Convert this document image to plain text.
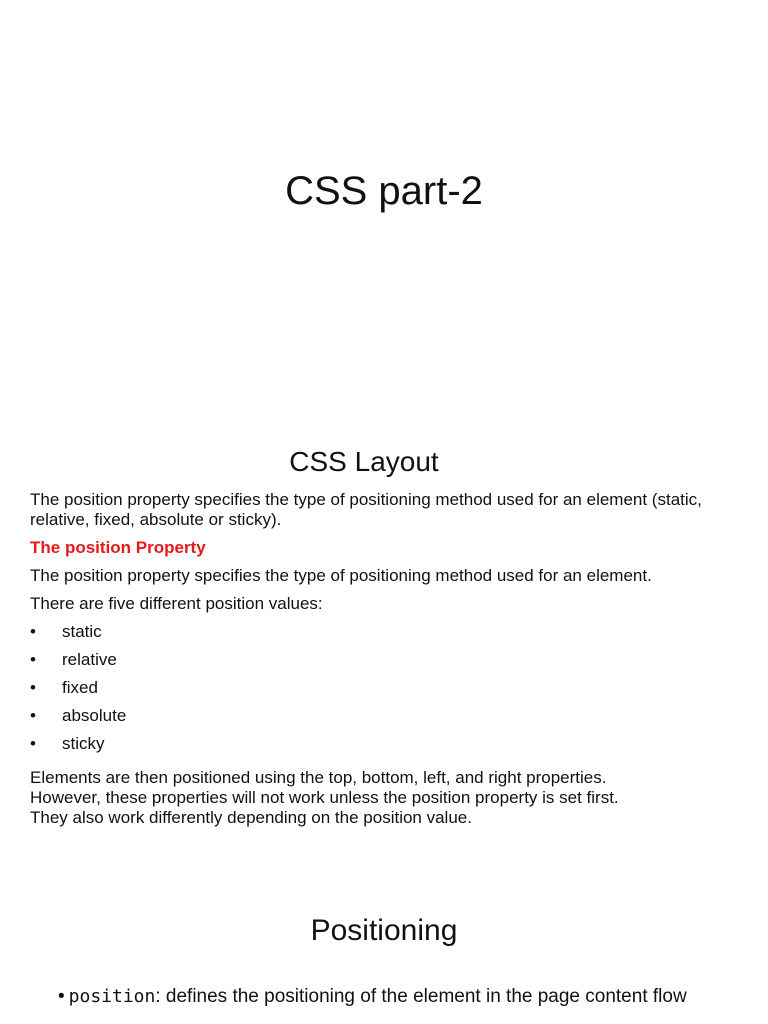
CSS part-2
CSS Layout

The position property specifies the type of positioning method used for an element (static, relative, fixed, absolute or sticky).

The position Property

The position property specifies the type of positioning method used for an element.

There are five different position values:

• static
• relative
• fixed
• absolute
• sticky

Elements are then positioned using the top, bottom, left, and right properties.
However, these properties will not work unless the position property is set first.
They also work differently depending on the position value.

Positioning
• position: defines the positioning of the element in the page content flow
